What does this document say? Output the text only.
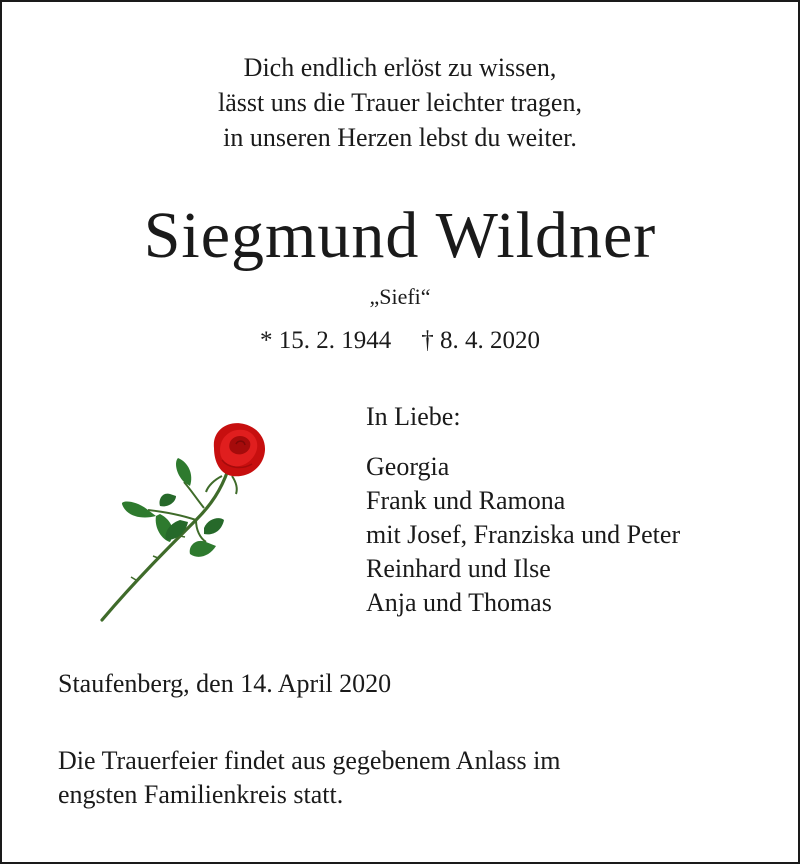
Dich endlich erlöst zu wissen,
lässt uns die Trauer leichter tragen,
in unseren Herzen lebst du weiter.
Siegmund Wildner
„Siefi“
* 15. 2. 1944 † 8. 4. 2020
In Liebe:
Georgia
Frank und Ramona
mit Josef, Franziska und Peter
Reinhard und Ilse
Anja und Thomas
Staufenberg, den 14. April 2020
Die Trauerfeier findet aus gegebenem Anlass im
engsten Familienkreis statt.
